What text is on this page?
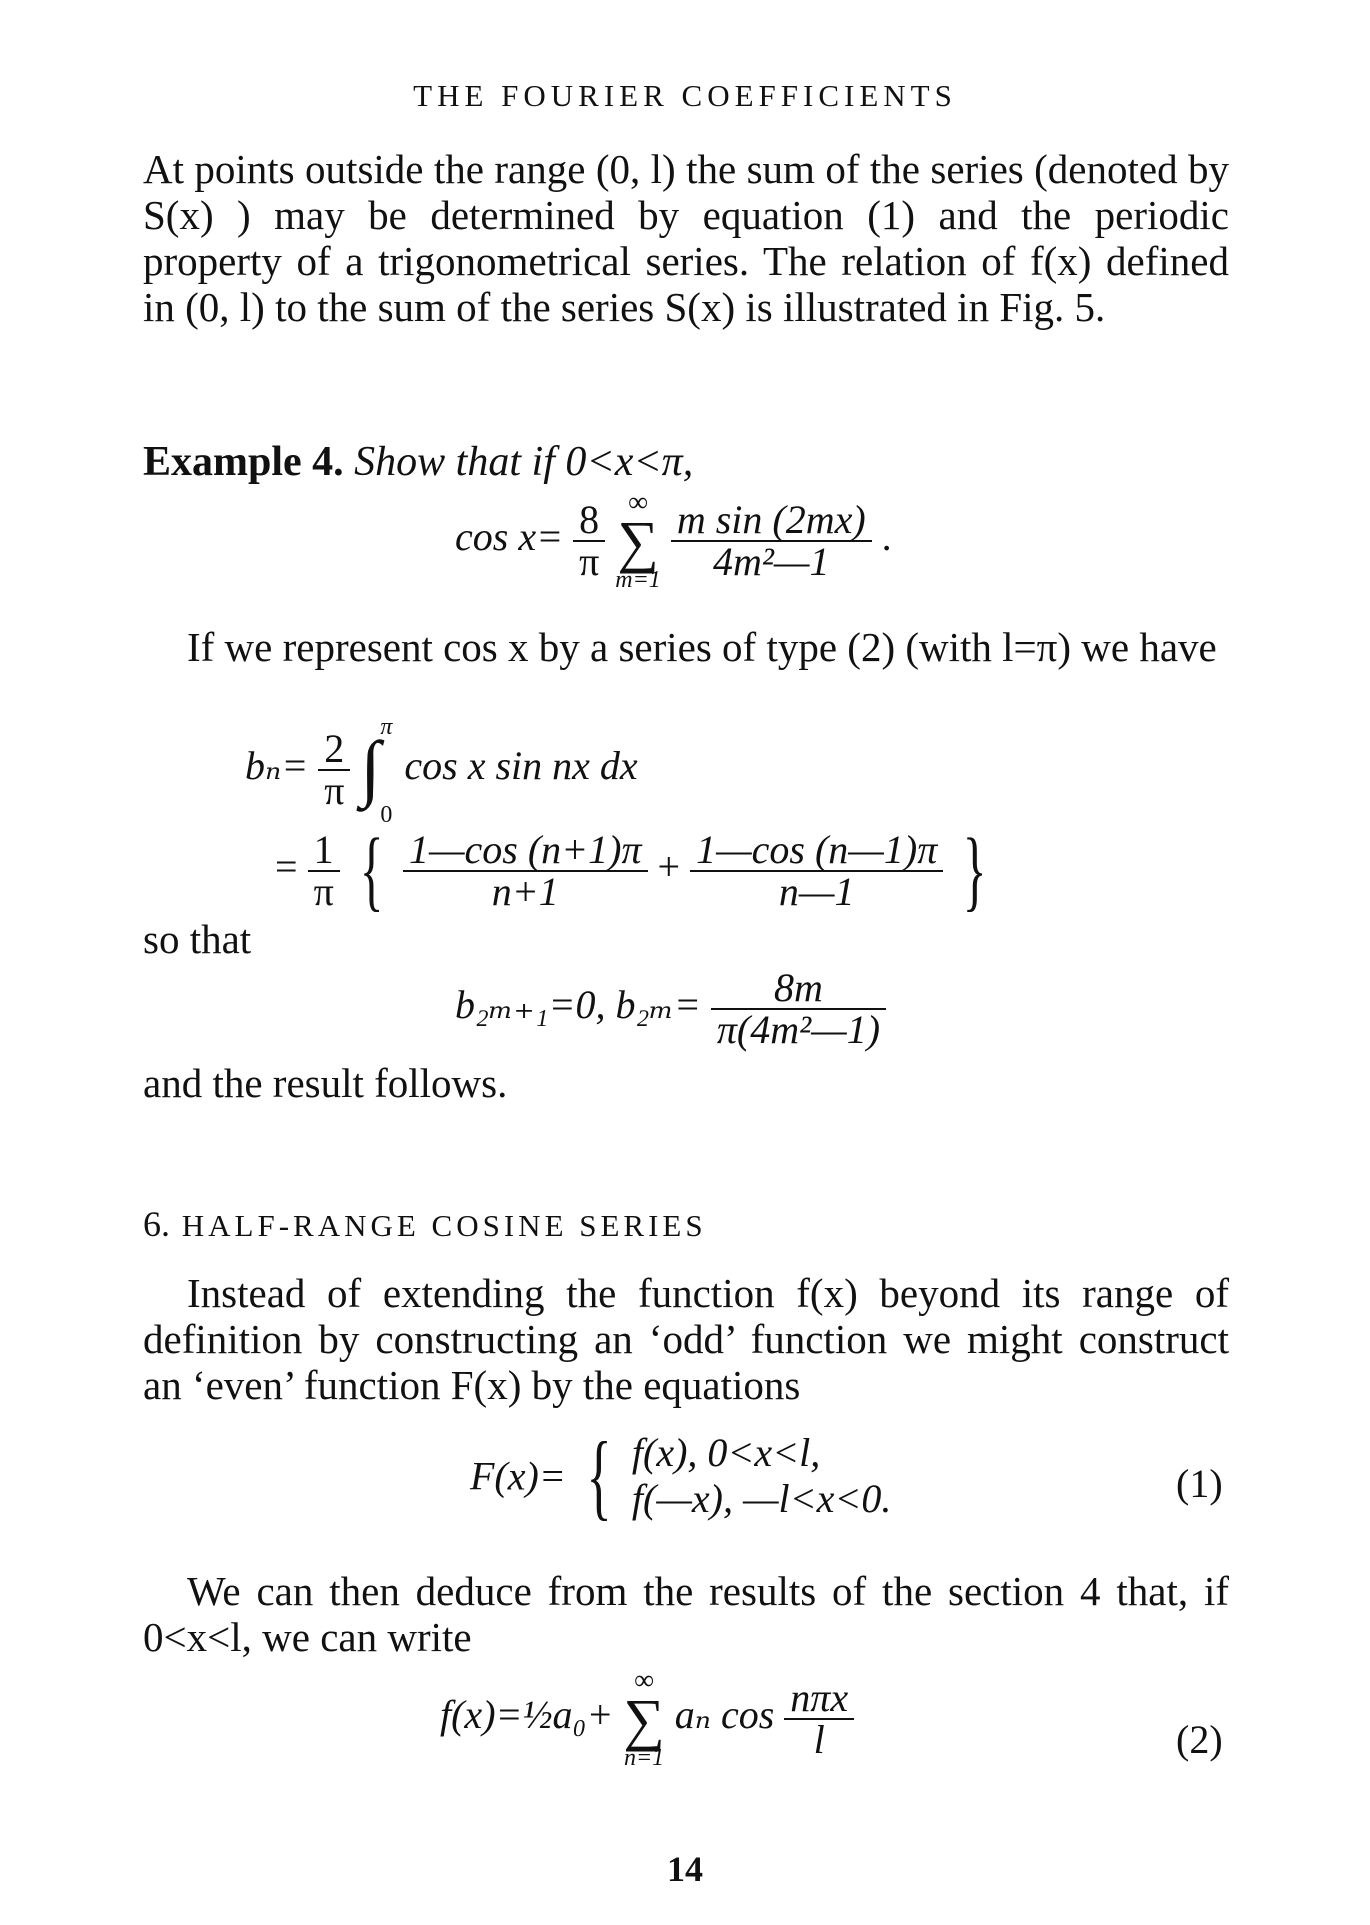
THE FOURIER COEFFICIENTS

At points outside the range (0, l) the sum of the series (denoted by S(x) ) may be determined by equation (1) and the periodic property of a trigonometrical series. The relation of f(x) defined in (0, l) to the sum of the series S(x) is illustrated in Fig. 5.

Example 4. Show that if 0<x<π,
$\cos x= \frac{8}{\pi}$
∞
∑
m=1
$\frac{\text{m sin (2mx)}}{\text{4m²—1}}$ .

If we represent cos x by a series of type (2) (with l=π) we have

$b_n= \frac{2}{\pi}$
∫ π
0
cos x sin nx dx
= $\frac{1}{\pi}$ { $\frac{1—\cos (n+1)\pi}{n+1} + \frac{1—\cos (n—1)\pi}{n—1}$ }

so that

b₂ₘ₊₁=0, $b_{2m}= \frac{8m}{\text{π(4m²—1)}}$

and the result follows.

6. HALF-RANGE COSINE SERIES

Instead of extending the function f(x) beyond its range of definition by constructing an ‘odd’ function we might construct an ‘even’ function F(x) by the equations

F(x)= { f(x), 0<x<l,
f(—x), —l<x<0.	(1)

We can then deduce from the results of the section 4 that, if 0<x<l, we can write

f(x)=½a₀+
∞
∑
n=1
aₙ $\cos \frac{\text{nπx}}{l}$	(2)
14
